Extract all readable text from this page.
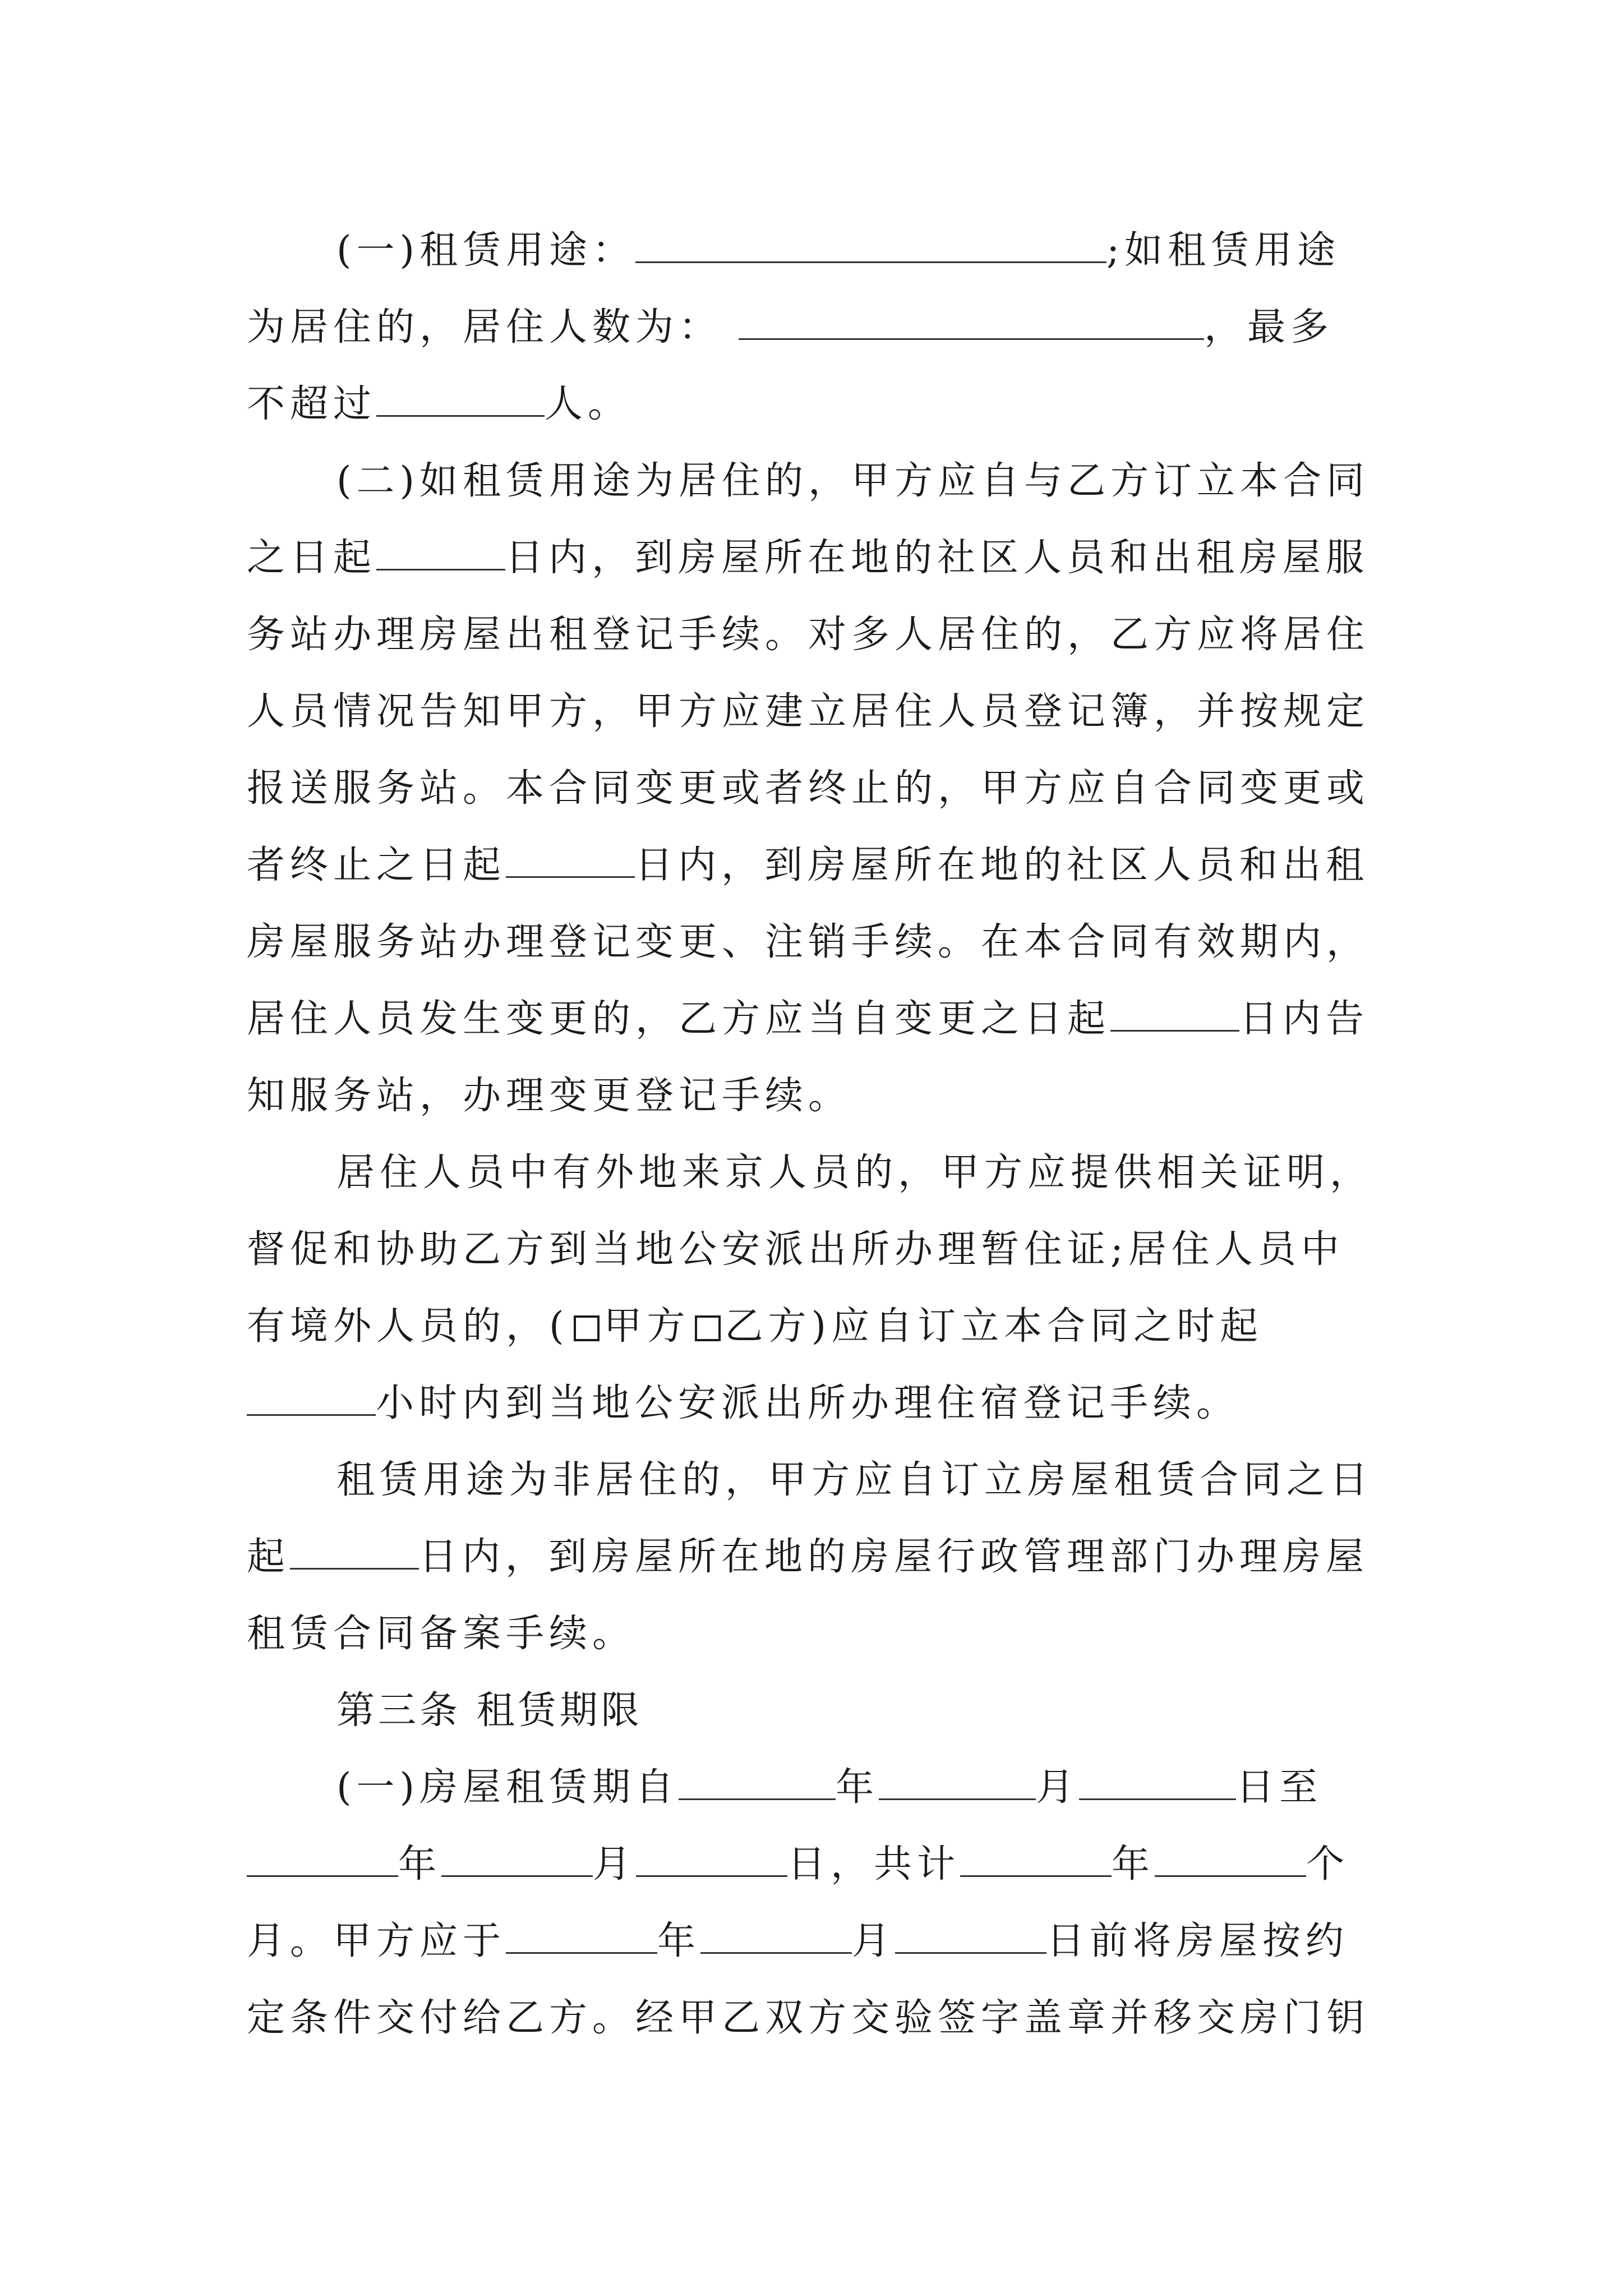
(一)租赁用途：	;如租赁用途
为居住的，居住人数为：	，最多
不超过	人。
(二)如租赁用途为居住的，甲方应自与乙方订立本合同
之日起	日内，到房屋所在地的社区人员和出租房屋服
务站办理房屋出租登记手续。对多人居住的，乙方应将居住
人员情况告知甲方，甲方应建立居住人员登记簿，并按规定
报送服务站。本合同变更或者终止的，甲方应自合同变更或
者终止之日起	日内，到房屋所在地的社区人员和出租
房屋服务站办理登记变更、注销手续。在本合同有效期内，
居住人员发生变更的，乙方应当自变更之日起	日内告
知服务站，办理变更登记手续。
居住人员中有外地来京人员的，甲方应提供相关证明，
督促和协助乙方到当地公安派出所办理暂住证;居住人员中
有境外人员的，( 甲方 乙方)应自订立本合同之时起
小时内到当地公安派出所办理住宿登记手续。
租赁用途为非居住的，甲方应自订立房屋租赁合同之日
起	日内，到房屋所在地的房屋行政管理部门办理房屋
租赁合同备案手续。
第三条 租赁期限
(一)房屋租赁期自	年	月	日至
年	月	日，共计	年	个
月。甲方应于	年	月	日前将房屋按约
定条件交付给乙方。经甲乙双方交验签字盖章并移交房门钥
